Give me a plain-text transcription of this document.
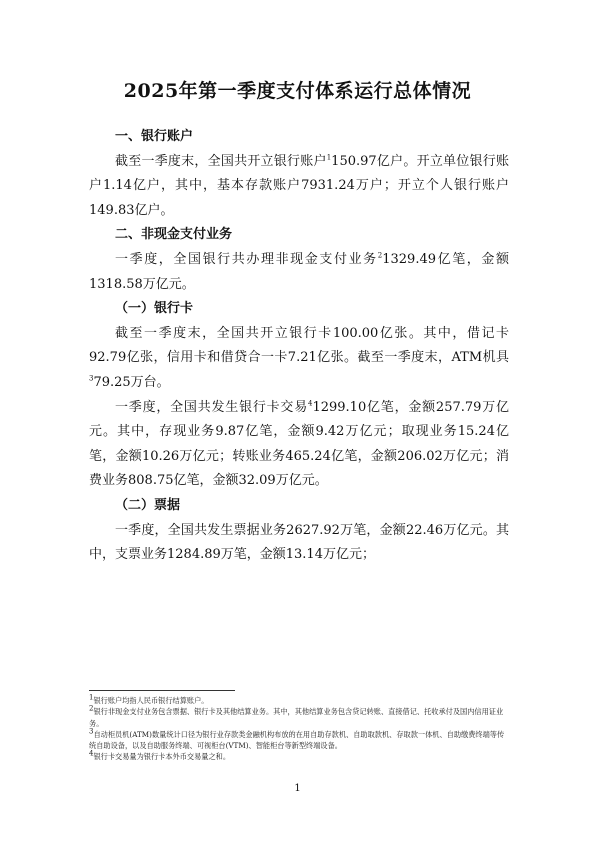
2025年第一季度支付体系运行总体情况

一、银行账户

截至一季度末，全国共开立银行账户$^1$150.97亿户。开立单位银行账户1.14亿户，其中，基本存款账户7931.24万户；开立个人银行账户149.83亿户。

二、非现金支付业务

一季度，全国银行共办理非现金支付业务$^2$1329.49亿笔，金额1318.58万亿元。

（一）银行卡

截至一季度末，全国共开立银行卡100.00亿张。其中，借记卡92.79亿张，信用卡和借贷合一卡7.21亿张。截至一季度末，ATM机具$^3$79.25万台。

一季度，全国共发生银行卡交易$^4$1299.10亿笔，金额257.79万亿元。其中，存现业务9.87亿笔，金额9.42万亿元；取现业务15.24亿笔，金额10.26万亿元；转账业务465.24亿笔，金额206.02万亿元；消费业务808.75亿笔，金额32.09万亿元。

（二）票据

一季度，全国共发生票据业务2627.92万笔，金额22.46万亿元。其中，支票业务1284.89万笔，金额13.14万亿元；

$^1$银行账户均指人民币银行结算账户。
$^2$银行非现金支付业务包含票据、银行卡及其他结算业务。其中，其他结算业务包含贷记转账、直接借记、托收承付及国内信用证业务。
$^3$自动柜员机(ATM)数量统计口径为银行业存款类金融机构布放的在用自助存款机、自助取款机、存取款一体机、自助缴费终端等传统自助设备，以及自助服务终端、可视柜台(VTM)、智能柜台等新型终端设备。
$^4$银行卡交易量为银行卡本外币交易量之和。
1
